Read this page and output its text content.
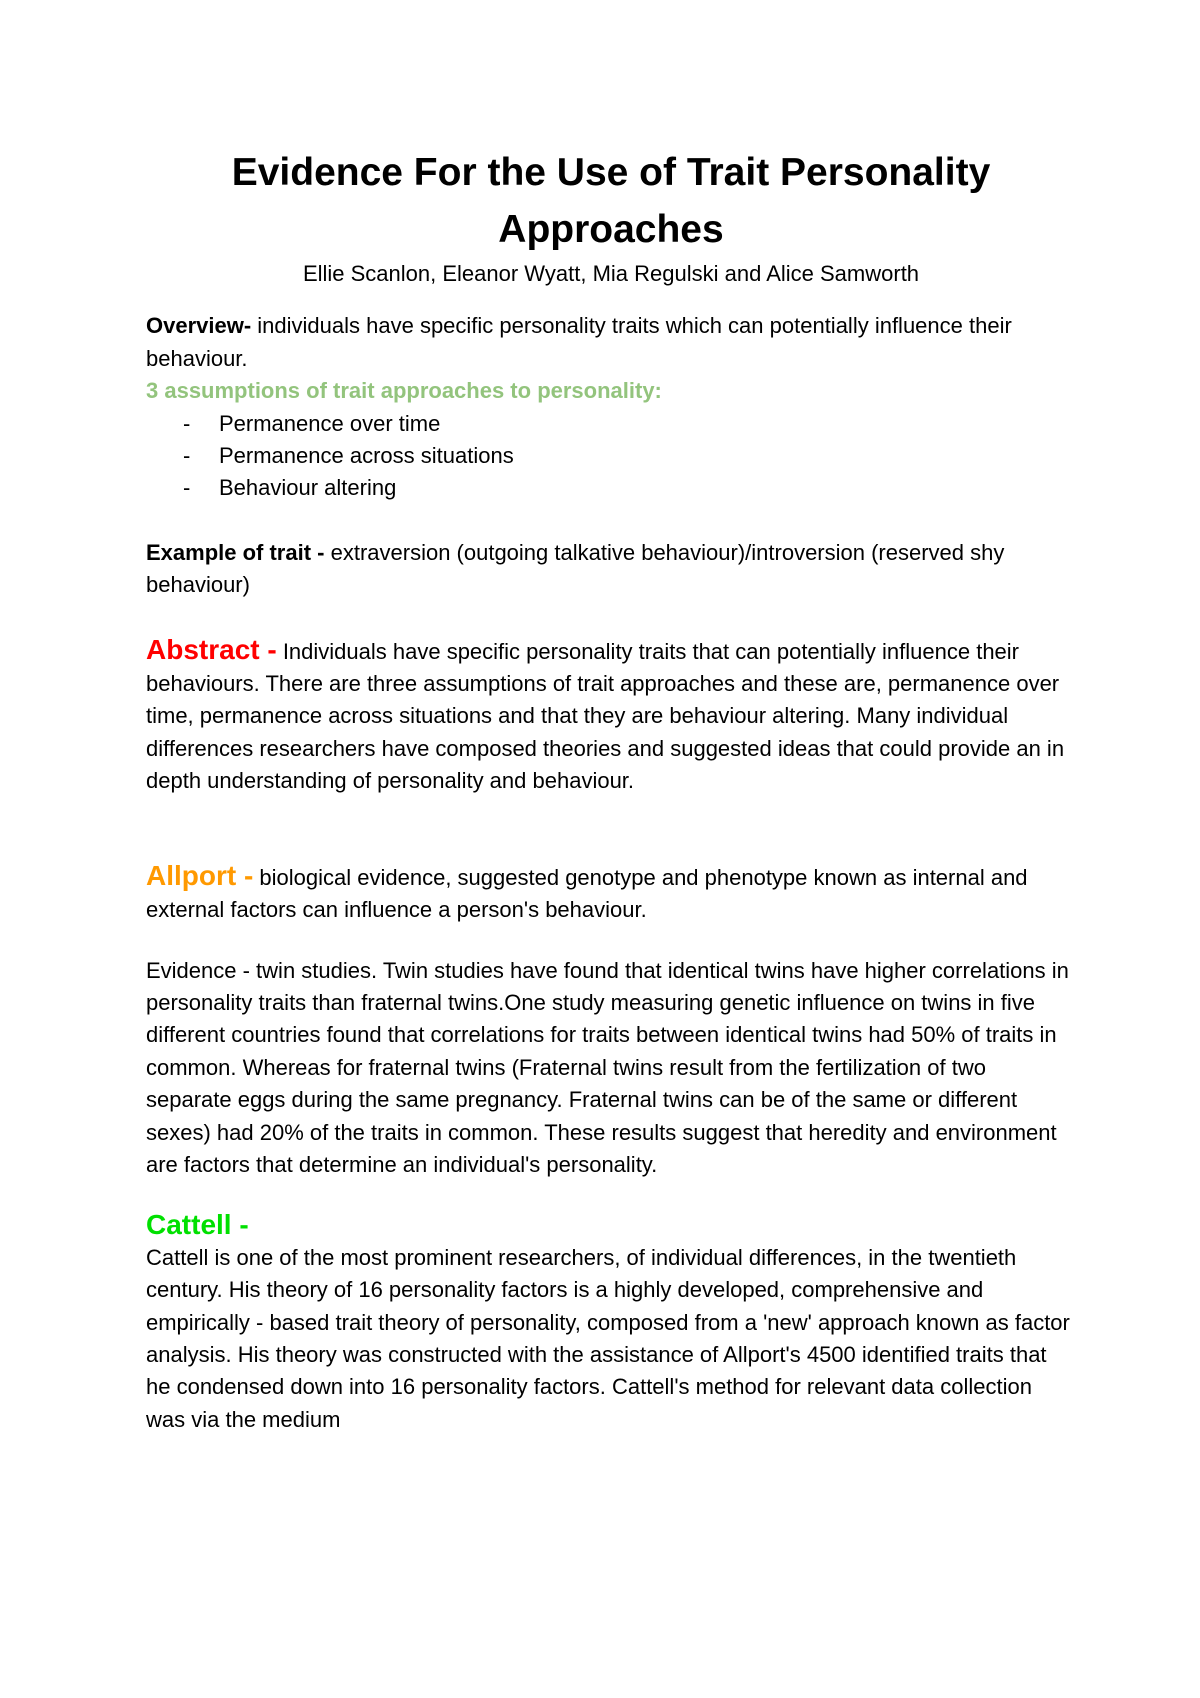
Evidence For the Use of Trait Personality Approaches

Ellie Scanlon, Eleanor Wyatt, Mia Regulski and Alice Samworth

Overview- individuals have specific personality traits which can potentially influence their behaviour.

3 assumptions of trait approaches to personality:

- Permanence over time
- Permanence across situations
- Behaviour altering

Example of trait - extraversion (outgoing talkative behaviour)/introversion (reserved shy behaviour)

Abstract - Individuals have specific personality traits that can potentially influence their behaviours. There are three assumptions of trait approaches and these are, permanence over time, permanence across situations and that they are behaviour altering. Many individual differences researchers have composed theories and suggested ideas that could provide an in depth understanding of personality and behaviour.

Allport - biological evidence, suggested genotype and phenotype known as internal and external factors can influence a person's behaviour.

Evidence - twin studies. Twin studies have found that identical twins have higher correlations in personality traits than fraternal twins.One study measuring genetic influence on twins in five different countries found that correlations for traits between identical twins had 50% of traits in common. Whereas for fraternal twins (Fraternal twins result from the fertilization of two separate eggs during the same pregnancy. Fraternal twins can be of the same or different sexes) had 20% of the traits in common. These results suggest that heredity and environment are factors that determine an individual's personality.

Cattell -

Cattell is one of the most prominent researchers, of individual differences, in the twentieth century. His theory of 16 personality factors is a highly developed, comprehensive and empirically - based trait theory of personality, composed from a 'new' approach known as factor analysis. His theory was constructed with the assistance of Allport's 4500 identified traits that he condensed down into 16 personality factors. Cattell's method for relevant data collection was via the medium
